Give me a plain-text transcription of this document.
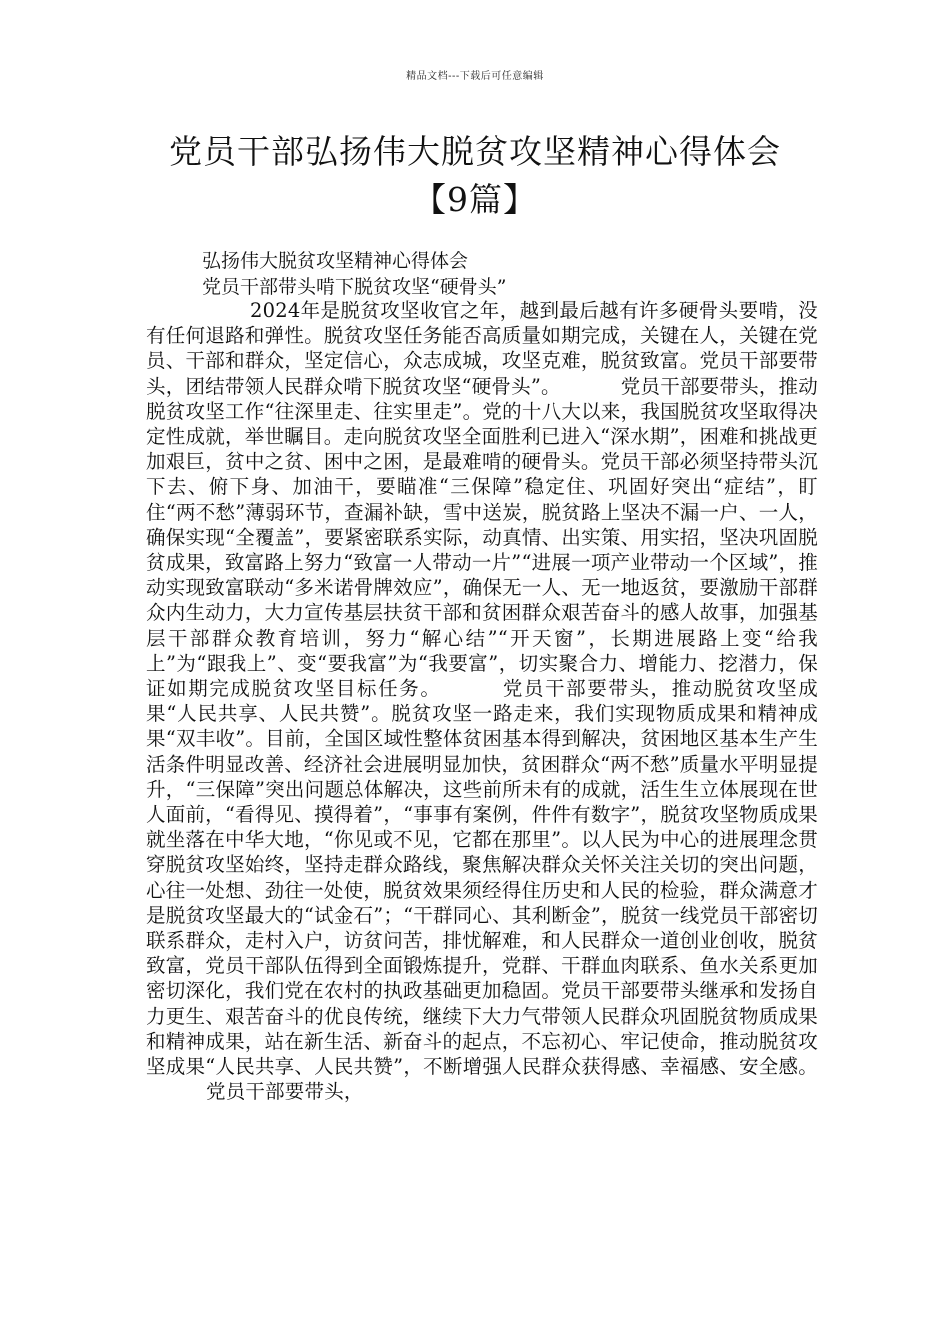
精品文档---下载后可任意编辑
党员干部弘扬伟大脱贫攻坚精神心得体会
【9篇】
弘扬伟大脱贫攻坚精神心得体会
党员干部带头啃下脱贫攻坚“硬骨头”

2024年是脱贫攻坚收官之年，越到最后越有许多硬骨头要啃，没有任何退路和弹性。脱贫攻坚任务能否高质量如期完成，关键在人，关键在党员、干部和群众，坚定信心，众志成城，攻坚克难，脱贫致富。党员干部要带头，团结带领人民群众啃下脱贫攻坚“硬骨头”。	党员干部要带头，推动脱贫攻坚工作“往深里走、往实里走”。党的十八大以来，我国脱贫攻坚取得决定性成就，举世瞩目。走向脱贫攻坚全面胜利已进入“深水期”，困难和挑战更加艰巨，贫中之贫、困中之困，是最难啃的硬骨头。党员干部必须坚持带头沉下去、俯下身、加油干，要瞄准“三保障”稳定住、巩固好突出“症结”，盯住“两不愁”薄弱环节，查漏补缺，雪中送炭，脱贫路上坚决不漏一户、一人，确保实现“全覆盖”，要紧密联系实际，动真情、出实策、用实招，坚决巩固脱贫成果，致富路上努力“致富一人带动一片”“进展一项产业带动一个区域”，推动实现致富联动“多米诺骨牌效应”，确保无一人、无一地返贫，要激励干部群众内生动力，大力宣传基层扶贫干部和贫困群众艰苦奋斗的感人故事，加强基层干部群众教育培训，努力“解心结”“开天窗”，长期进展路上变“给我上”为“跟我上”、变“要我富”为“我要富”，切实聚合力、增能力、挖潜力，保证如期完成脱贫攻坚目标任务。	党员干部要带头，推动脱贫攻坚成果“人民共享、人民共赞”。脱贫攻坚一路走来，我们实现物质成果和精神成果“双丰收”。目前，全国区域性整体贫困基本得到解决，贫困地区基本生产生活条件明显改善、经济社会进展明显加快，贫困群众“两不愁”质量水平明显提升，“三保障”突出问题总体解决，这些前所未有的成就，活生生立体展现在世人面前，“看得见、摸得着”，“事事有案例，件件有数字”，脱贫攻坚物质成果就坐落在中华大地，“你见或不见，它都在那里”。以人民为中心的进展理念贯穿脱贫攻坚始终，坚持走群众路线，聚焦解决群众关怀关注关切的突出问题，心往一处想、劲往一处使，脱贫效果须经得住历史和人民的检验，群众满意才是脱贫攻坚最大的“试金石”；“干群同心、其利断金”，脱贫一线党员干部密切联系群众，走村入户，访贫问苦，排忧解难，和人民群众一道创业创收，脱贫致富，党员干部队伍得到全面锻炼提升，党群、干群血肉联系、鱼水关系更加密切深化，我们党在农村的执政基础更加稳固。党员干部要带头继承和发扬自力更生、艰苦奋斗的优良传统，继续下大力气带领人民群众巩固脱贫物质成果和精神成果，站在新生活、新奋斗的起点，不忘初心、牢记使命，推动脱贫攻坚成果“人民共享、人民共赞”，不断增强人民群众获得感、幸福感、安全感。党员干部要带头，
